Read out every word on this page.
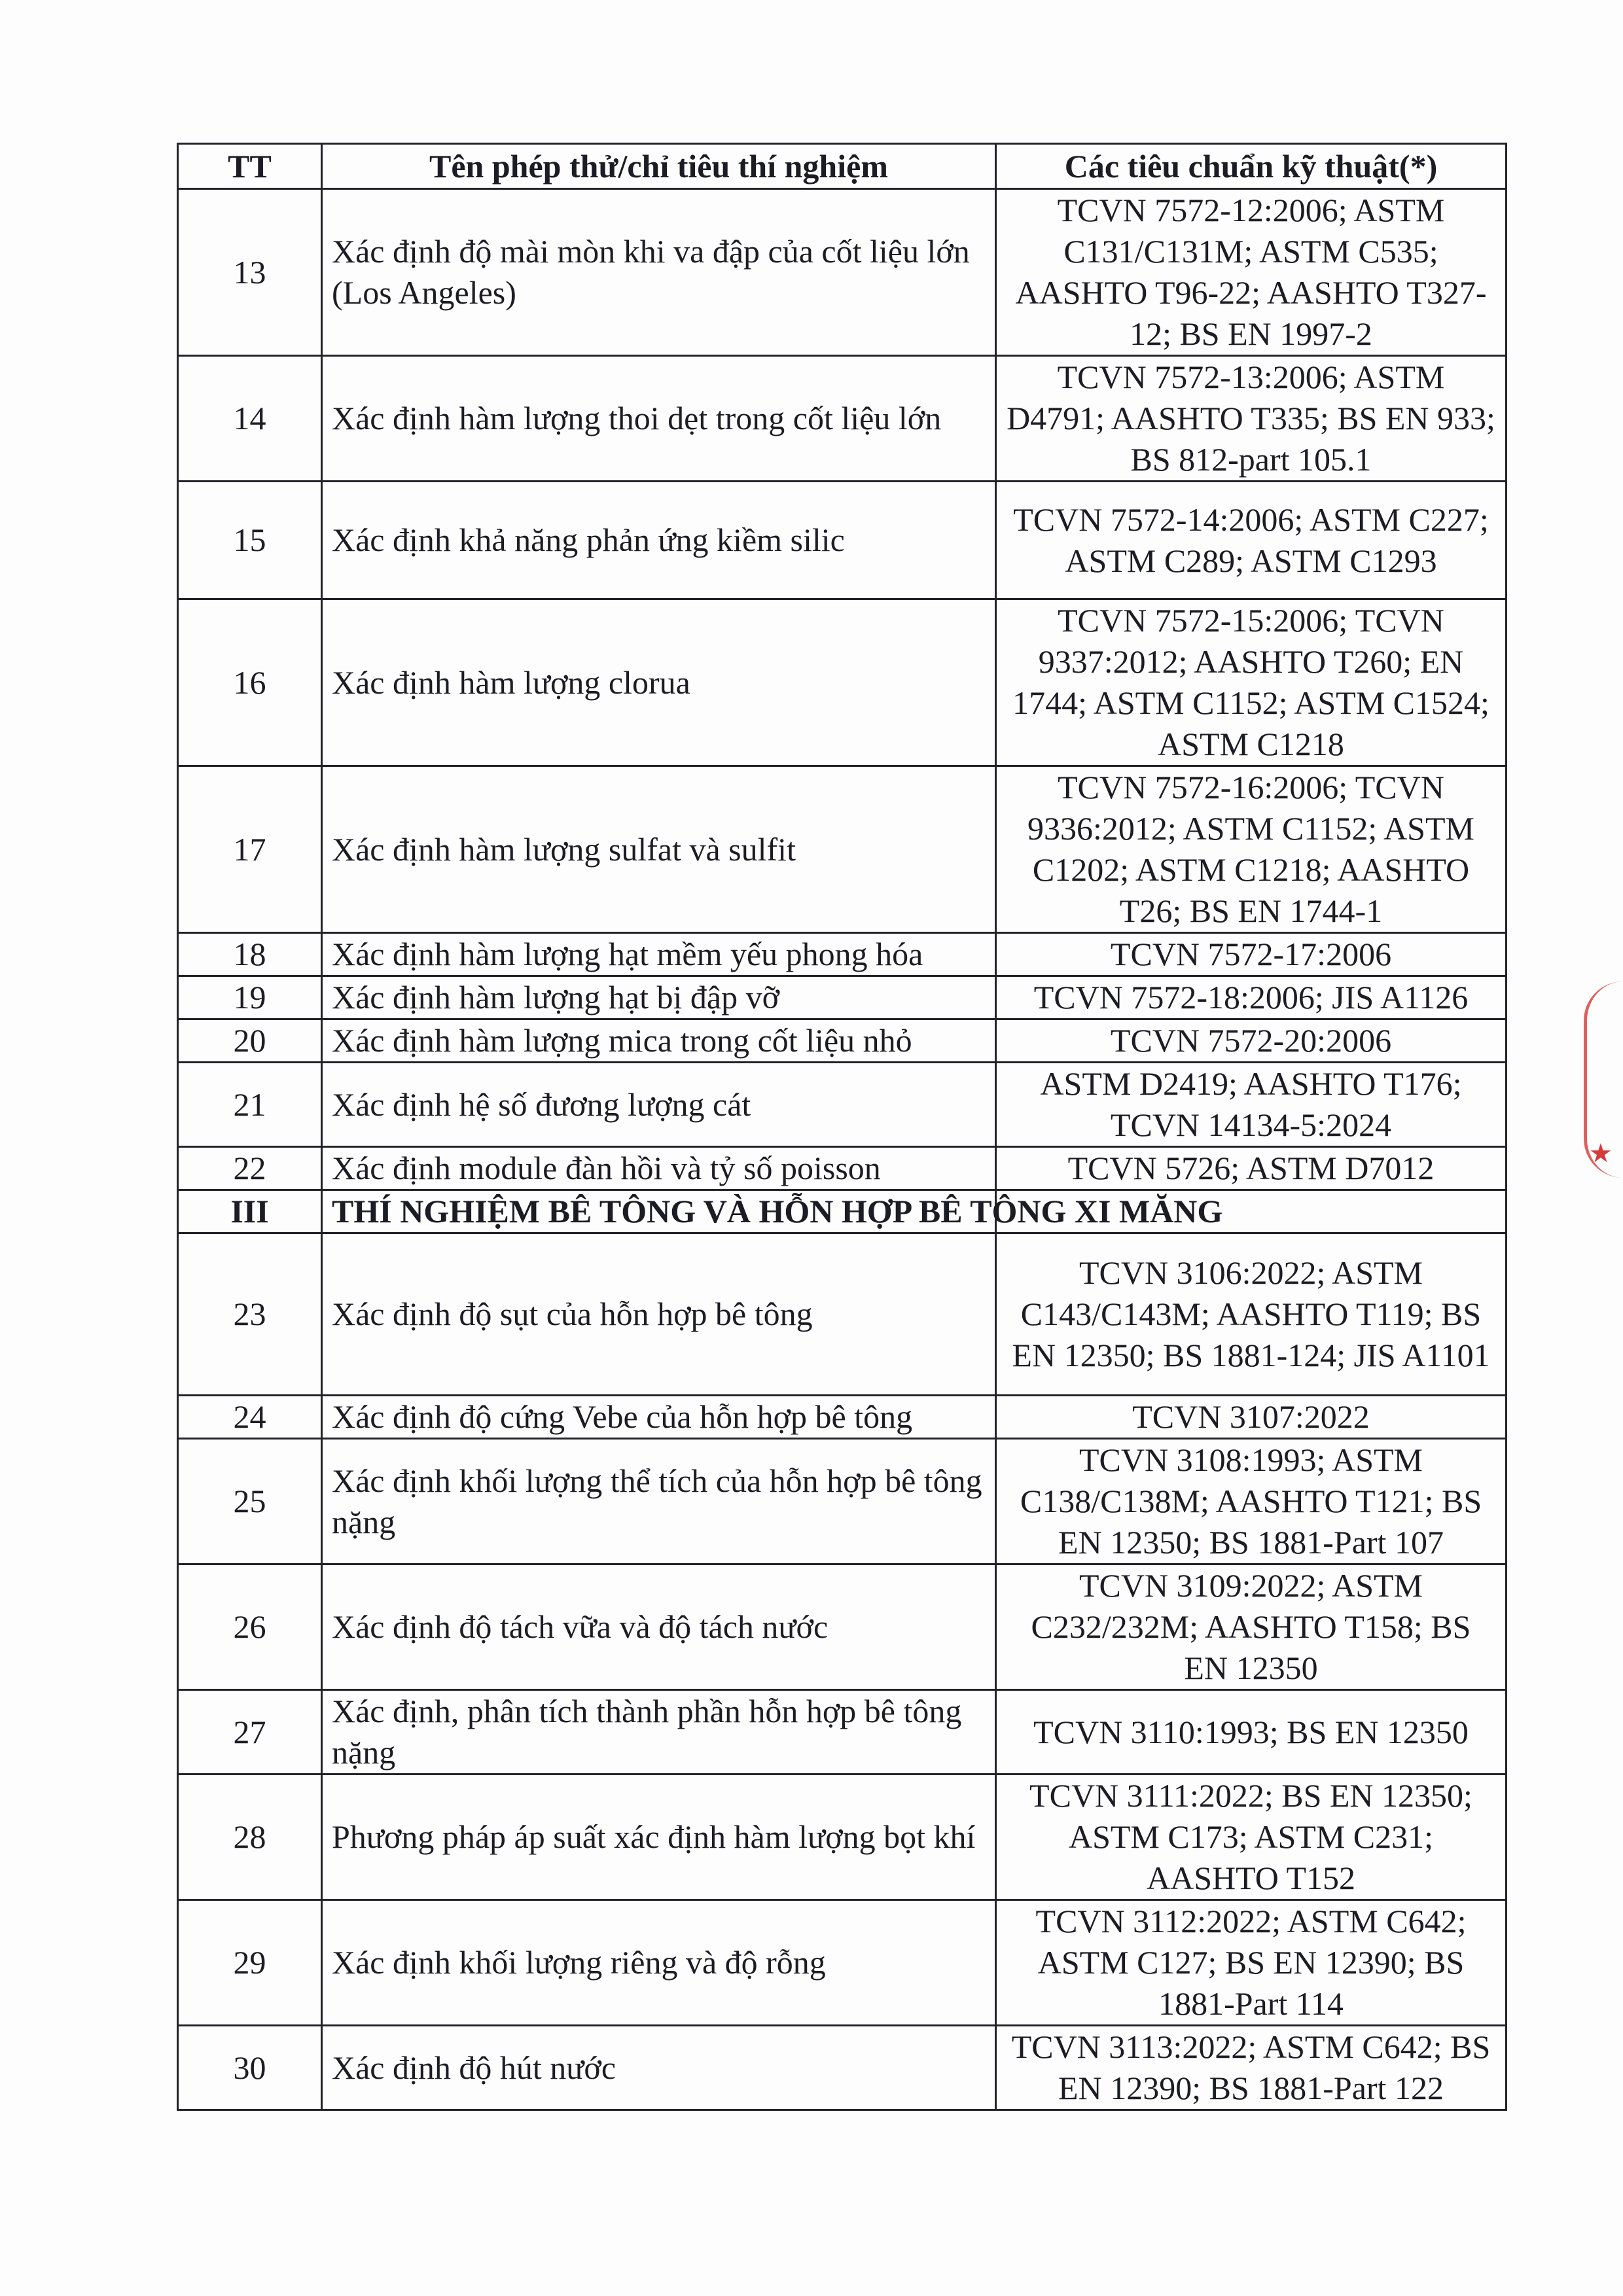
TT	Tên phép thử/chỉ tiêu thí nghiệm	Các tiêu chuẩn kỹ thuật(*)
13	Xác định độ mài mòn khi va đập của cốt liệu lớn (Los Angeles)	TCVN 7572-12:2006; ASTM C131/C131M; ASTM C535; AASHTO T96-22; AASHTO T327-12; BS EN 1997-2
14	Xác định hàm lượng thoi dẹt trong cốt liệu lớn	TCVN 7572-13:2006; ASTM D4791; AASHTO T335; BS EN 933; BS 812-part 105.1
15	Xác định khả năng phản ứng kiềm silic	TCVN 7572-14:2006; ASTM C227; ASTM C289; ASTM C1293
16	Xác định hàm lượng clorua	TCVN 7572-15:2006; TCVN 9337:2012; AASHTO T260; EN 1744; ASTM C1152; ASTM C1524; ASTM C1218
17	Xác định hàm lượng sulfat và sulfit	TCVN 7572-16:2006; TCVN 9336:2012; ASTM C1152; ASTM C1202; ASTM C1218; AASHTO T26; BS EN 1744-1
18	Xác định hàm lượng hạt mềm yếu phong hóa	TCVN 7572-17:2006
19	Xác định hàm lượng hạt bị đập vỡ	TCVN 7572-18:2006; JIS A1126
20	Xác định hàm lượng mica trong cốt liệu nhỏ	TCVN 7572-20:2006
21	Xác định hệ số đương lượng cát	ASTM D2419; AASHTO T176; TCVN 14134-5:2024
22	Xác định module đàn hồi và tỷ số poisson	TCVN 5726; ASTM D7012
III	THÍ NGHIỆM BÊ TÔNG VÀ HỖN HỢP BÊ TÔNG XI MĂNG	
23	Xác định độ sụt của hỗn hợp bê tông	TCVN 3106:2022; ASTM C143/C143M; AASHTO T119; BS EN 12350; BS 1881-124; JIS A1101
24	Xác định độ cứng Vebe của hỗn hợp bê tông	TCVN 3107:2022
25	Xác định khối lượng thể tích của hỗn hợp bê tông nặng	TCVN 3108:1993; ASTM C138/C138M; AASHTO T121; BS EN 12350; BS 1881-Part 107
26	Xác định độ tách vữa và độ tách nước	TCVN 3109:2022; ASTM C232/232M; AASHTO T158; BS EN 12350
27	Xác định, phân tích thành phần hỗn hợp bê tông nặng	TCVN 3110:1993; BS EN 12350
28	Phương pháp áp suất xác định hàm lượng bọt khí	TCVN 3111:2022; BS EN 12350; ASTM C173; ASTM C231; AASHTO T152
29	Xác định khối lượng riêng và độ rỗng	TCVN 3112:2022; ASTM C642; ASTM C127; BS EN 12390; BS 1881-Part 114
30	Xác định độ hút nước	TCVN 3113:2022; ASTM C642; BS EN 12390; BS 1881-Part 122
★
